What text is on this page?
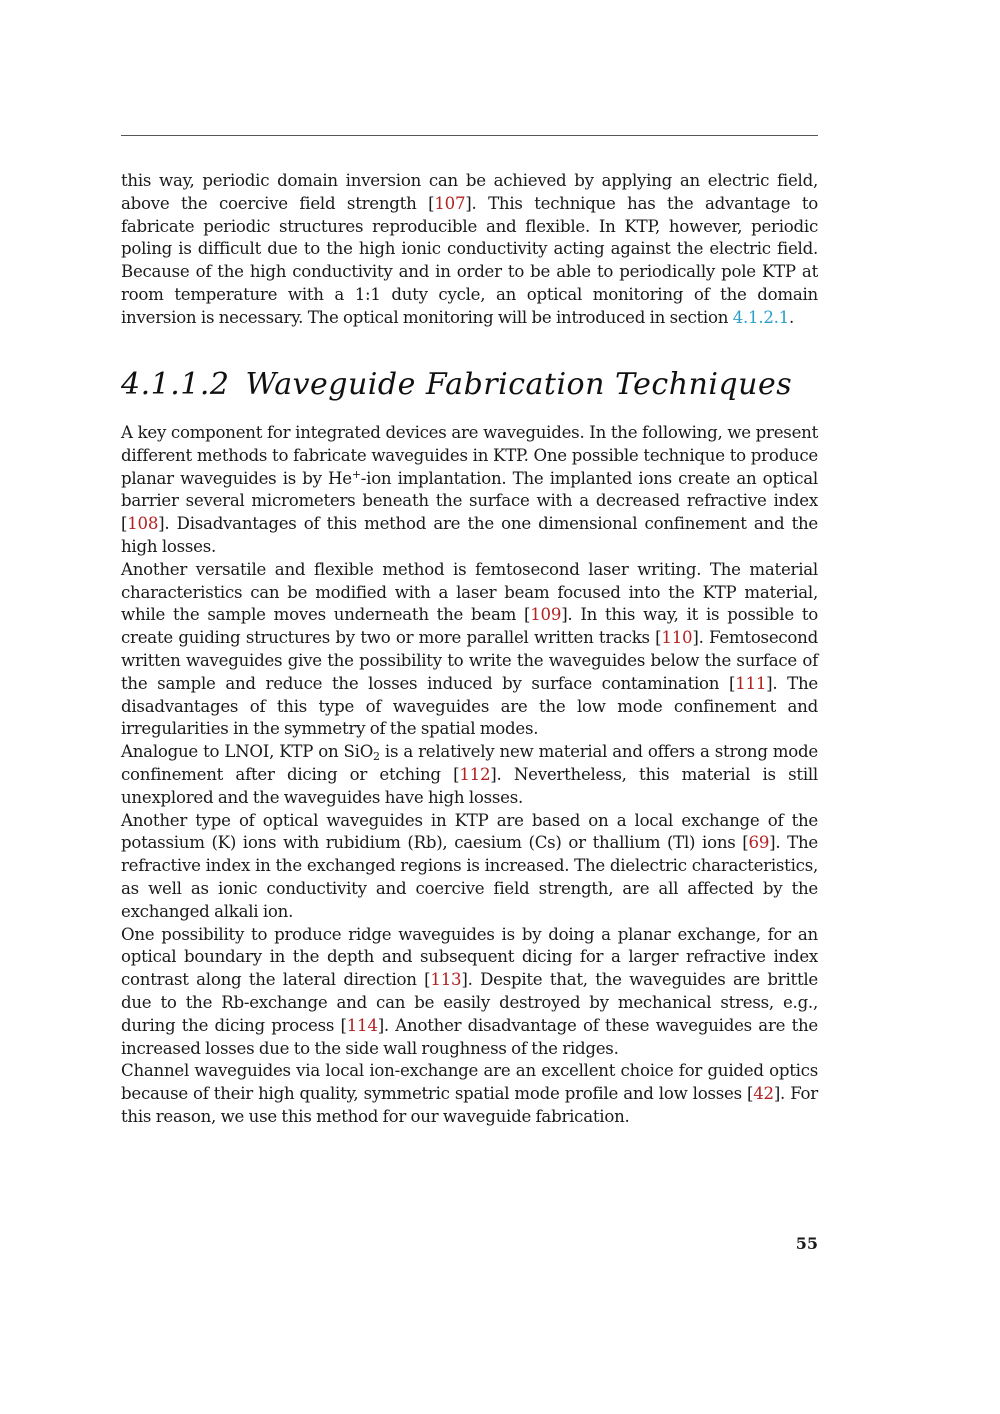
this way, periodic domain inversion can be achieved by applying an electric field, above the coercive field strength [107]. This technique has the advantage to fabricate periodic structures reproducible and flexible. In KTP, however, periodic poling is difficult due to the high ionic conductivity acting against the electric field. Because of the high conductivity and in order to be able to periodically pole KTP at room temperature with a 1:1 duty cycle, an optical monitoring of the domain inversion is necessary. The optical monitoring will be introduced in section 4.1.2.1.

4.1.1.2 Waveguide Fabrication Techniques

A key component for integrated devices are waveguides. In the following, we present different methods to fabricate waveguides in KTP. One possible technique to produce planar waveguides is by He+-ion implantation. The implanted ions create an optical barrier several micrometers beneath the surface with a decreased refractive index [108]. Disadvantages of this method are the one dimensional confinement and the high losses.

Another versatile and flexible method is femtosecond laser writing. The material characteristics can be modified with a laser beam focused into the KTP material, while the sample moves underneath the beam [109]. In this way, it is possible to create guiding structures by two or more parallel written tracks [110]. Femtosecond written waveguides give the possibility to write the waveguides below the surface of the sample and reduce the losses induced by surface contamination [111]. The disadvantages of this type of waveguides are the low mode confinement and irregularities in the symmetry of the spatial modes.

Analogue to LNOI, KTP on SiO$_2$ is a relatively new material and offers a strong mode confinement after dicing or etching [112]. Nevertheless, this material is still unexplored and the waveguides have high losses.

Another type of optical waveguides in KTP are based on a local exchange of the potassium (K) ions with rubidium (Rb), caesium (Cs) or thallium (Tl) ions [69]. The refractive index in the exchanged regions is increased. The dielectric characteristics, as well as ionic conductivity and coercive field strength, are all affected by the exchanged alkali ion.

One possibility to produce ridge waveguides is by doing a planar exchange, for an optical boundary in the depth and subsequent dicing for a larger refractive index contrast along the lateral direction [113]. Despite that, the waveguides are brittle due to the Rb-exchange and can be easily destroyed by mechanical stress, e.g., during the dicing process [114]. Another disadvantage of these waveguides are the increased losses due to the side wall roughness of the ridges.

Channel waveguides via local ion-exchange are an excellent choice for guided optics because of their high quality, symmetric spatial mode profile and low losses [42]. For this reason, we use this method for our waveguide fabrication.

55
